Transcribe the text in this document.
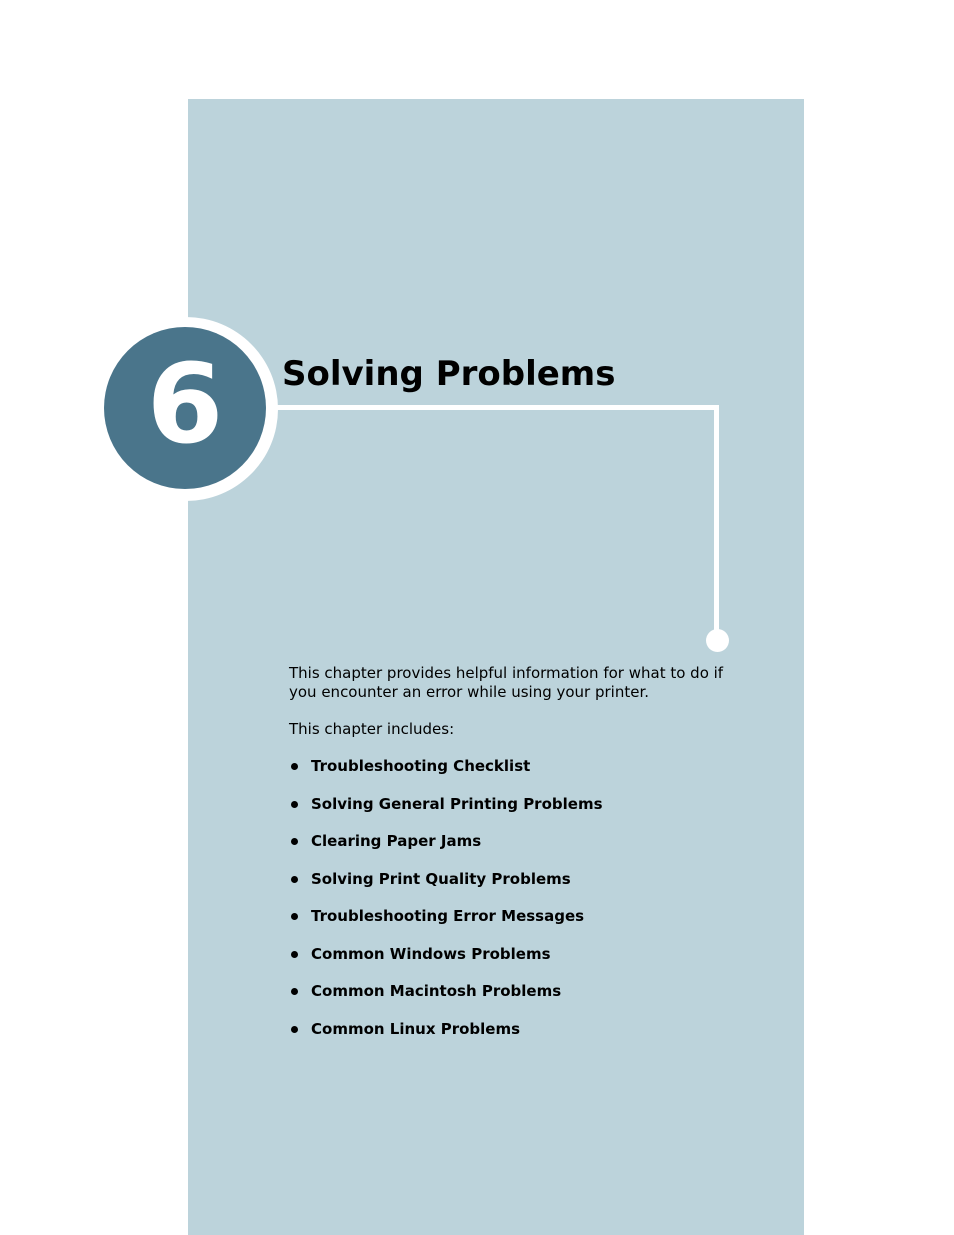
6 Solving Problems

This chapter provides helpful information for what to do if you encounter an error while using your printer.

This chapter includes:

Troubleshooting Checklist
Solving General Printing Problems
Clearing Paper Jams
Solving Print Quality Problems
Troubleshooting Error Messages
Common Windows Problems
Common Macintosh Problems
Common Linux Problems
